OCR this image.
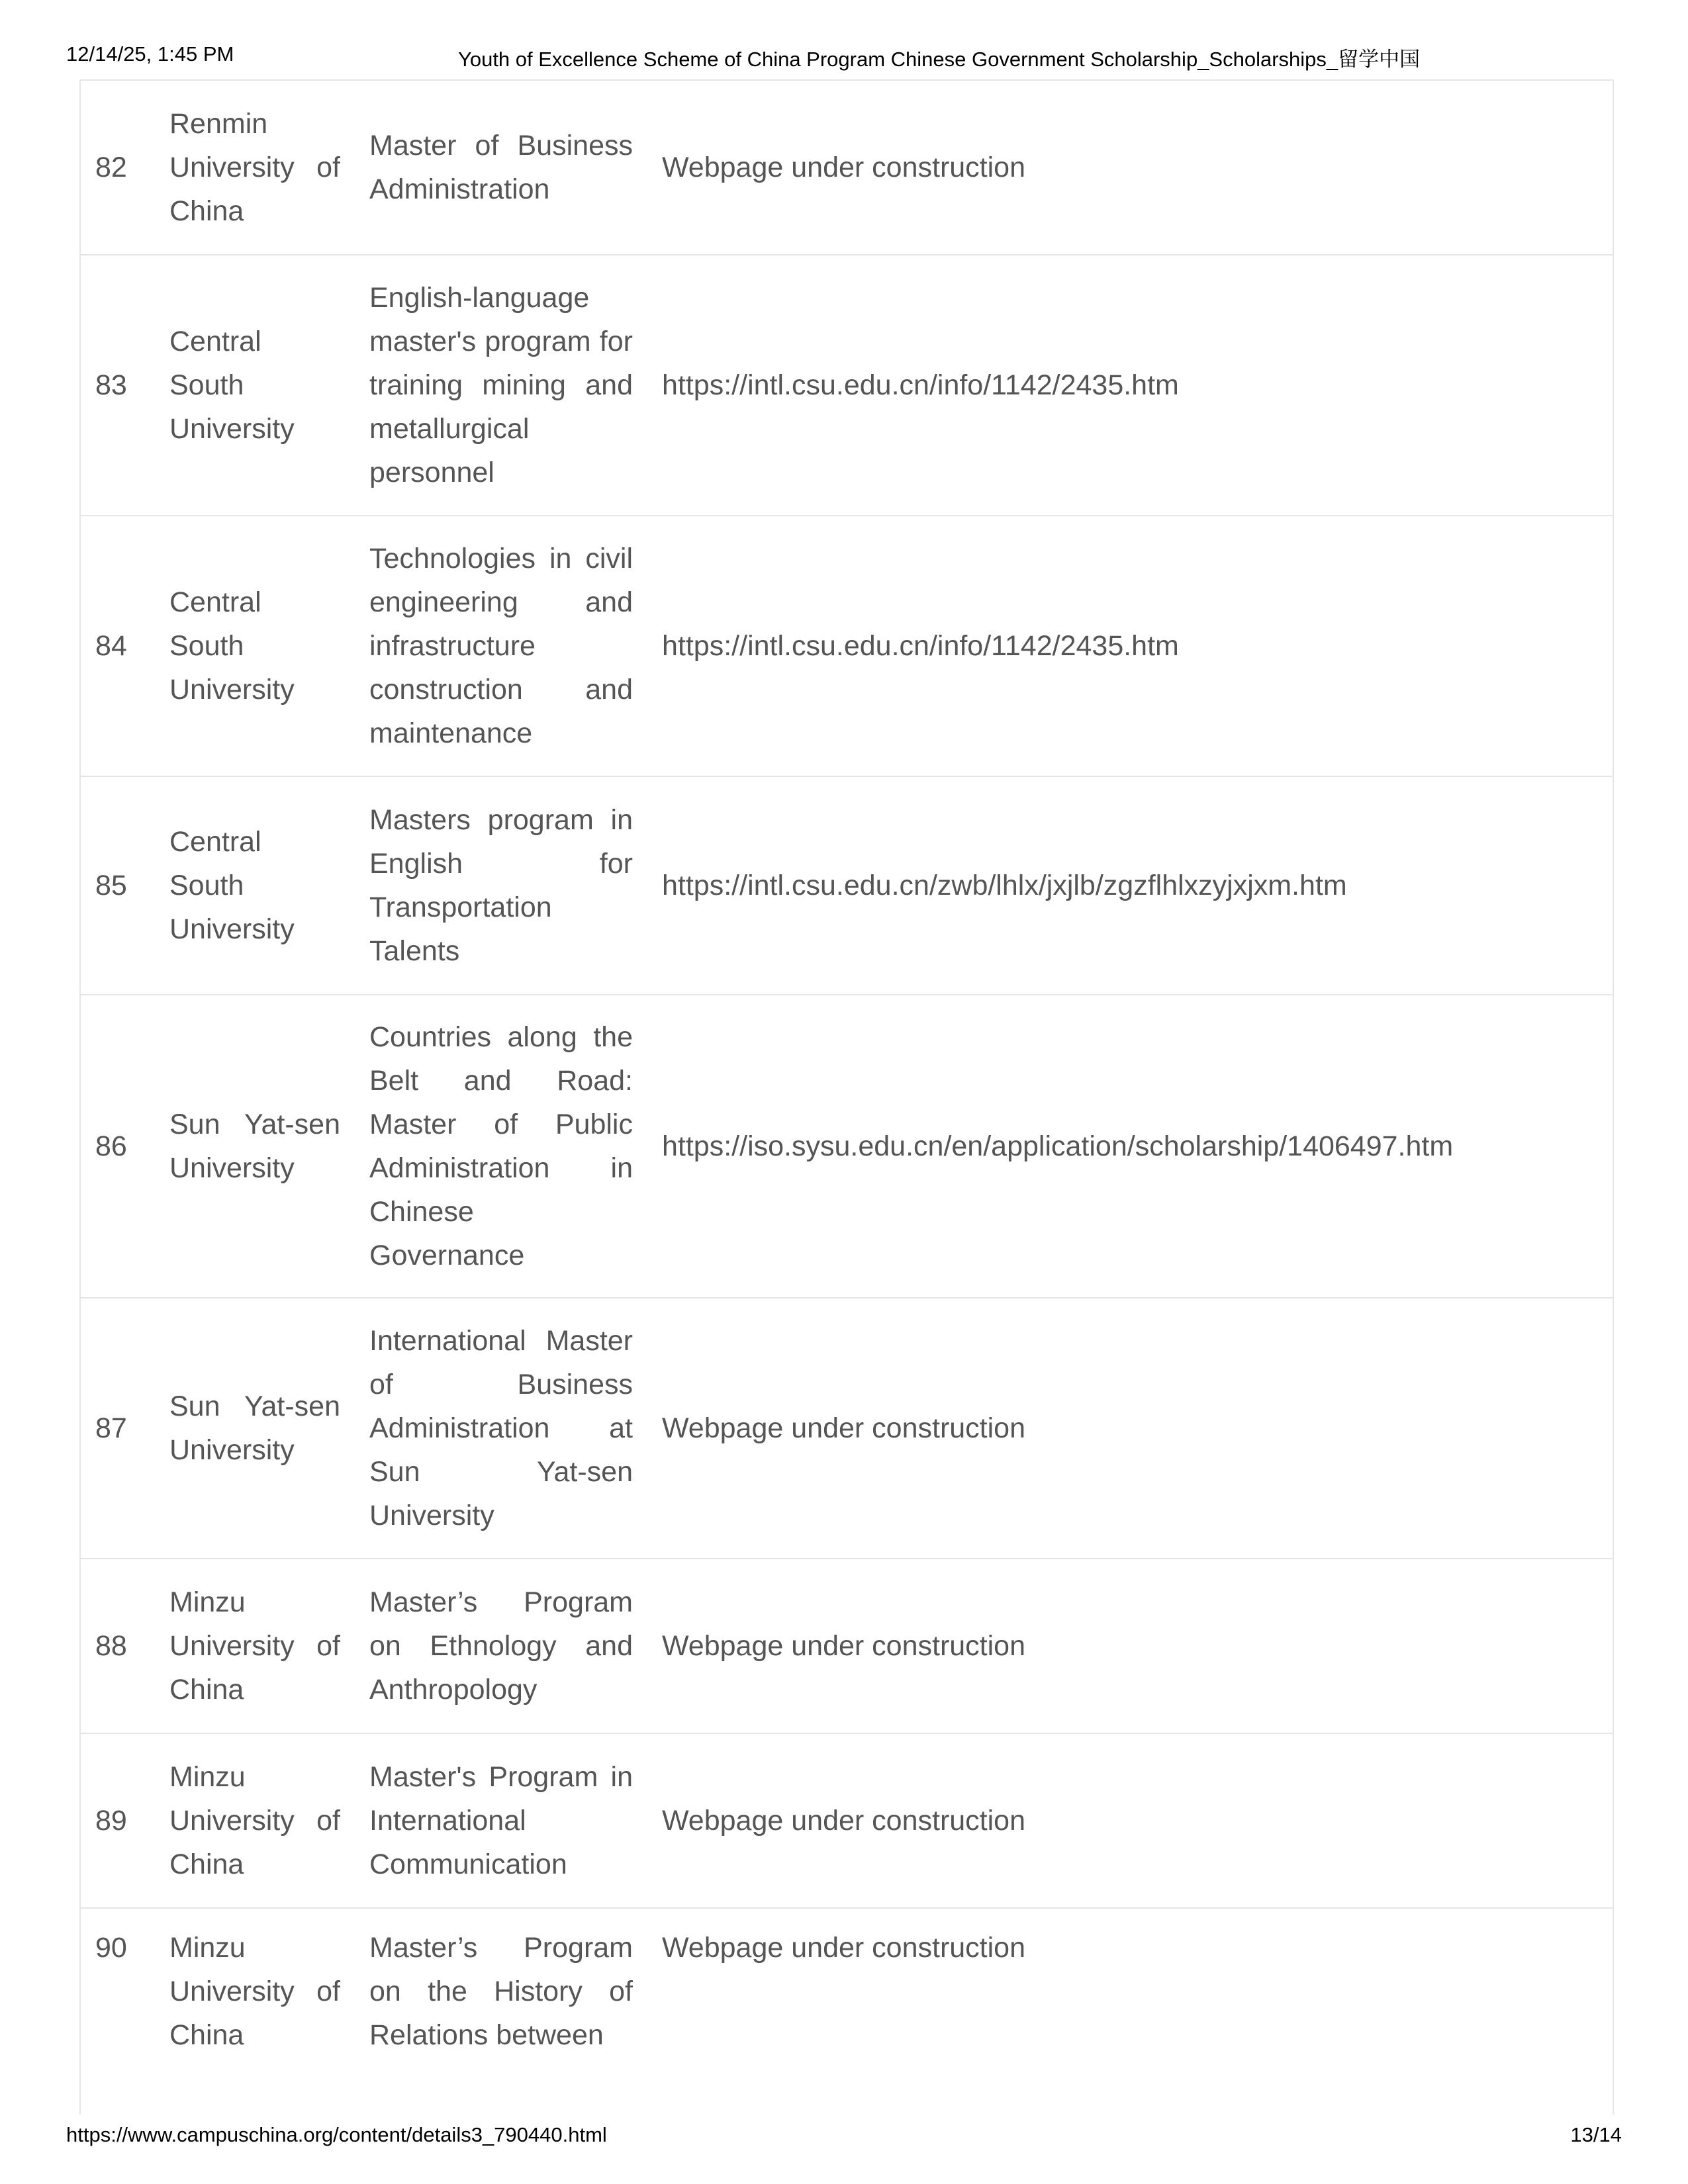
12/14/25, 1:45 PM	Youth of Excellence Scheme of China Program Chinese Government Scholarship_Scholarships_留学中国
82	Renmin University of China	Master of Business Administration	Webpage under construction
83	Central South University	English-language master's program for training mining and metallurgical personnel	https://intl.csu.edu.cn/info/1142/2435.htm
84	Central South University	Technologies in civil engineering and infrastructure construction and maintenance	https://intl.csu.edu.cn/info/1142/2435.htm
85	Central South University	Masters program in English for Transportation Talents	https://intl.csu.edu.cn/zwb/lhlx/jxjlb/zgzflhlxzyjxjxm.htm
86	Sun Yat-sen University	Countries along the Belt and Road: Master of Public Administration in Chinese Governance	https://iso.sysu.edu.cn/en/application/scholarship/1406497.htm
87	Sun Yat-sen University	International Master of Business Administration at Sun Yat-sen University	Webpage under construction
88	Minzu University of China	Master’s Program on Ethnology and Anthropology	Webpage under construction
89	Minzu University of China	Master's Program in International Communication	Webpage under construction
90	Minzu University of China	Master’s Program on the History of Relations between	Webpage under construction
https://www.campuschina.org/content/details3_790440.html	13/14
